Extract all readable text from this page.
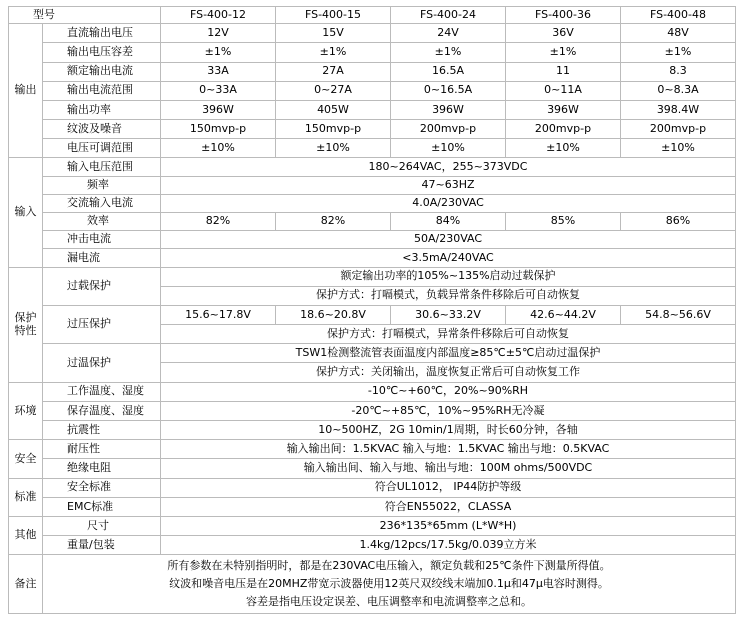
型号		FS-400-12	FS-400-15	FS-400-24	FS-400-36	FS-400-48
输出	直流输出电压	12V	15V	24V	36V	48V
	输出电压容差	±1%	±1%	±1%	±1%	±1%
	额定输出电流	33A	27A	16.5A	11	8.3
	输出电流范围	0~33A	0~27A	0~16.5A	0~11A	0~8.3A
	输出功率	396W	405W	396W	396W	398.4W
	纹波及噪音	150mvp-p	150mvp-p	200mvp-p	200mvp-p	200mvp-p
	电压可调范围	±10%	±10%	±10%	±10%	±10%
输入	输入电压范围	180~264VAC，255~373VDC				
	频率	47~63HZ				
	交流输入电流	4.0A/230VAC				
	效率	82%	82%	84%	85%	86%
	冲击电流	50A/230VAC				
	漏电流	<3.5mA/240VAC				

保护
特性	过载保护	额定输出功率的105%~135%启动过载保护				
		保护方式：打嗝模式，负载异常条件移除后可自动恢复				
	过压保护	15.6~17.8V	18.6~20.8V	30.6~33.2V	42.6~44.2V	54.8~56.6V
		保护方式：打嗝模式，异常条件移除后可自动恢复				
	过温保护	TSW1检测整流管表面温度内部温度≥85℃±5℃启动过温保护				
		保护方式：关闭输出，温度恢复正常后可自动恢复工作				
环境	工作温度、湿度	-10℃~+60℃，20%~90%RH				
	保存温度、湿度	-20℃~+85℃，10%~95%RH无冷凝				
	抗震性	10~500HZ，2G 10min/1周期，时长60分钟，各轴				
安全	耐压性	输入输出间：1.5KVAC 输入与地：1.5KVAC 输出与地：0.5KVAC				
	绝缘电阻	输入输出间、输入与地、输出与地：100M ohms/500VDC				
标准	安全标准	符合UL1012， IP44防护等级				
	EMC标准	符合EN55022，CLASSA				
其他	尺寸	236*135*65mm (L*W*H)				
	重量/包装	1.4kg/12pcs/17.5kg/0.039立方米				
备注	所有参数在未特别指明时，都是在230VAC电压输入，额定负载和25℃条件下测量所得值。
纹波和噪音电压是在20MHZ带宽示波器使用12英尺双绞线末端加0.1μ和47μ电容时测得。
容差是指电压设定误差、电压调整率和电流调整率之总和。					
